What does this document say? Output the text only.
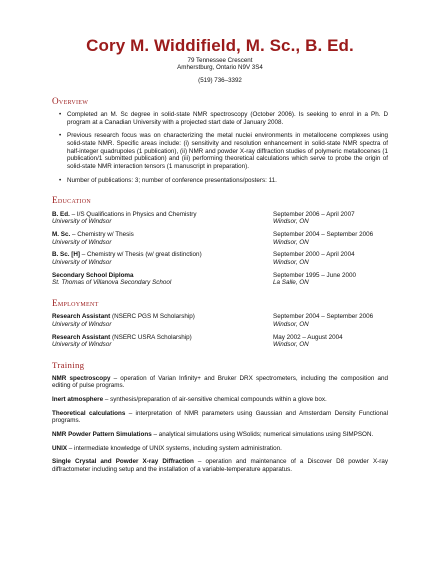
Cory M. Widdifield, M. Sc., B. Ed.
79 Tennessee Crescent
Amherstburg, Ontario N9V 3S4
(519) 736–3392
Overview
• Completed an M. Sc degree in solid-state NMR spectroscopy (October 2006). Is seeking to enrol in a Ph. D program at a Canadian University with a projected start date of January 2008.
• Previous research focus was on characterizing the metal nuclei environments in metallocene complexes using solid-state NMR. Specific areas include: (i) sensitivity and resolution enhancement in solid-state NMR spectra of half-integer quadrupoles (1 publication), (ii) NMR and powder X-ray diffraction studies of polymeric metallocenes (1 publication/1 submitted publication) and (iii) performing theoretical calculations which serve to probe the origin of solid-state NMR interaction tensors (1 manuscript in preparation).
• Number of publications: 3; number of conference presentations/posters: 11.
Education
B. Ed. – I/S Qualifications in Physics and Chemistry
University of Windsor
September 2006 – April 2007
Windsor, ON
M. Sc. – Chemistry w/ Thesis
University of Windsor
September 2004 – September 2006
Windsor, ON
B. Sc. [H] – Chemistry w/ Thesis (w/ great distinction)
University of Windsor
September 2000 – April 2004
Windsor, ON
Secondary School Diploma
St. Thomas of Villanova Secondary School
September 1995 – June 2000
La Salle, ON
Employment
Research Assistant (NSERC PGS M Scholarship)
University of Windsor
September 2004 – September 2006
Windsor, ON
Research Assistant (NSERC USRA Scholarship)
University of Windsor
May 2002 – August 2004
Windsor, ON
Training
NMR spectroscopy – operation of Varian Infinity+ and Bruker DRX spectrometers, including the composition and editing of pulse programs.
Inert atmosphere – synthesis/preparation of air-sensitive chemical compounds within a glove box.
Theoretical calculations – interpretation of NMR parameters using Gaussian and Amsterdam Density Functional programs.
NMR Powder Pattern Simulations – analytical simulations using WSolids; numerical simulations using SIMPSON.
UNIX – intermediate knowledge of UNIX systems, including system administration.
Single Crystal and Powder X-ray Diffraction – operation and maintenance of a Discover D8 powder X-ray diffractometer including setup and the installation of a variable-temperature apparatus.
